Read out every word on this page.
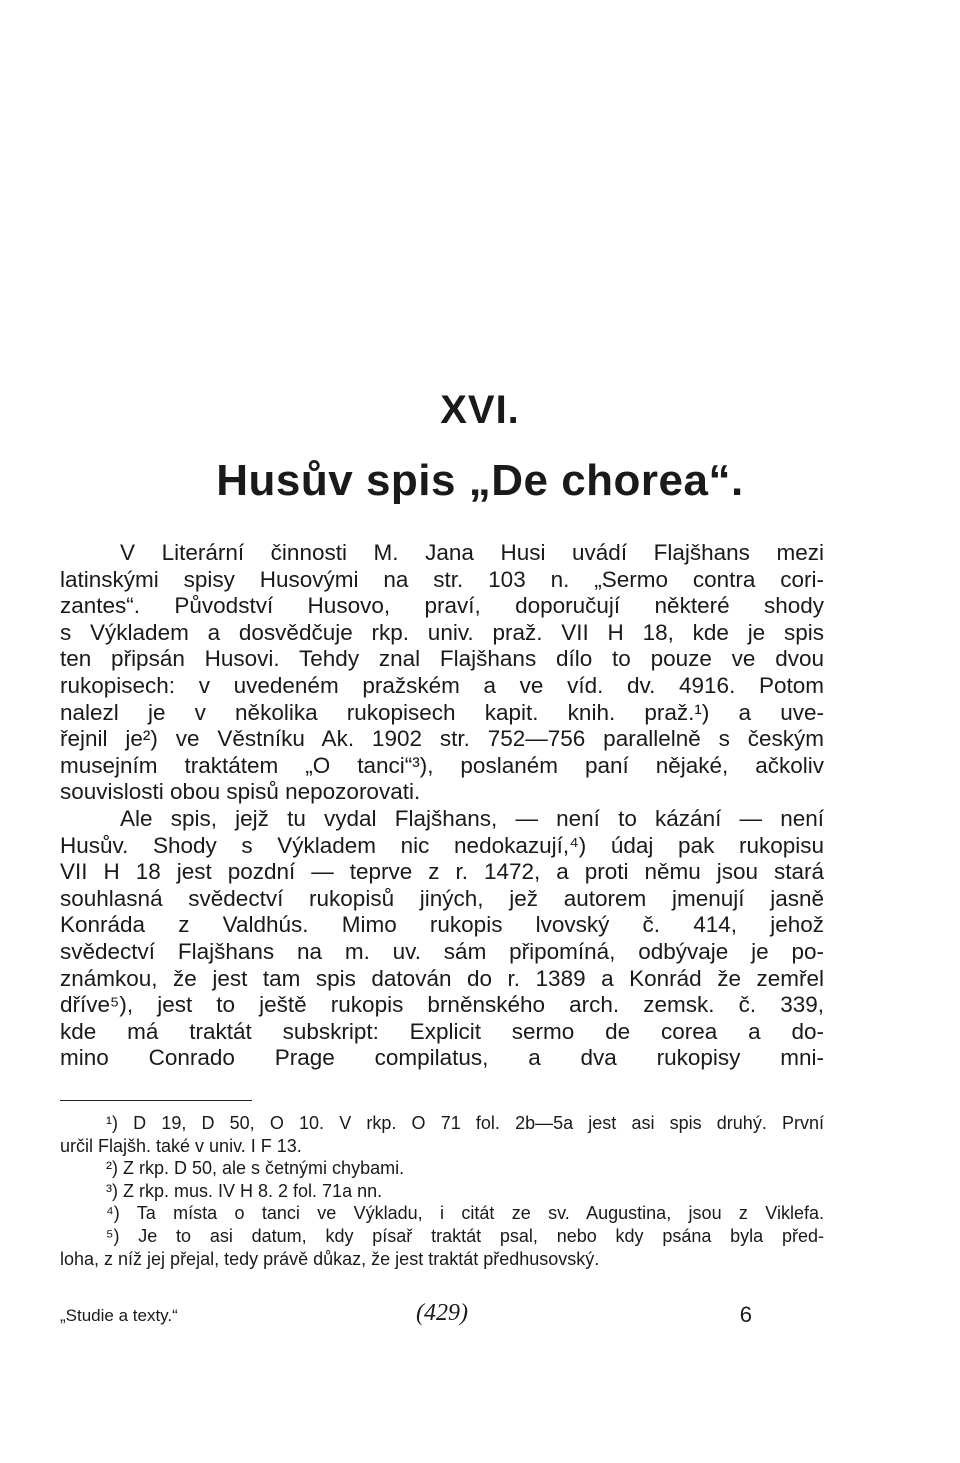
XVI.
Husův spis „De chorea“.
V Literární činnosti M. Jana Husi uvádí Flajšhans mezi
latinskými spisy Husovými na str. 103 n. „Sermo contra cori-
zantes“. Původství Husovo, praví, doporučují některé shody
s Výkladem a dosvědčuje rkp. univ. praž. VII H 18, kde je spis
ten připsán Husovi. Tehdy znal Flajšhans dílo to pouze ve dvou
rukopisech: v uvedeném pražském a ve víd. dv. 4916. Potom
nalezl je v několika rukopisech kapit. knih. praž.¹) a uve-
řejnil je²) ve Věstníku Ak. 1902 str. 752—756 parallelně s českým
musejním traktátem „O tanci“³), poslaném paní nějaké, ačkoliv
souvislosti obou spisů nepozorovati.
Ale spis, jejž tu vydal Flajšhans, — není to kázání — není
Husův. Shody s Výkladem nic nedokazují,⁴) údaj pak rukopisu
VII H 18 jest pozdní — teprve z r. 1472, a proti němu jsou stará
souhlasná svědectví rukopisů jiných, jež autorem jmenují jasně
Konráda z Valdhús. Mimo rukopis lvovský č. 414, jehož
svědectví Flajšhans na m. uv. sám připomíná, odbývaje je po-
známkou, že jest tam spis datován do r. 1389 a Konrád že zemřel
dříve⁵), jest to ještě rukopis brněnského arch. zemsk. č. 339,
kde má traktát subskript: Explicit sermo de corea a do-
mino Conrado Prage compilatus, a dva rukopisy mni-
¹) D 19, D 50, O 10. V rkp. O 71 fol. 2b—5a jest asi spis druhý. První
určil Flajšh. také v univ. I F 13.
²) Z rkp. D 50, ale s četnými chybami.
³) Z rkp. mus. IV H 8. 2 fol. 71a nn.
⁴) Ta místa o tanci ve Výkladu, i citát ze sv. Augustina, jsou z Viklefa.
⁵) Je to asi datum, kdy písař traktát psal, nebo kdy psána byla před-
loha, z níž jej přejal, tedy právě důkaz, že jest traktát předhusovský.
„Studie a texty.“	(429)	6
